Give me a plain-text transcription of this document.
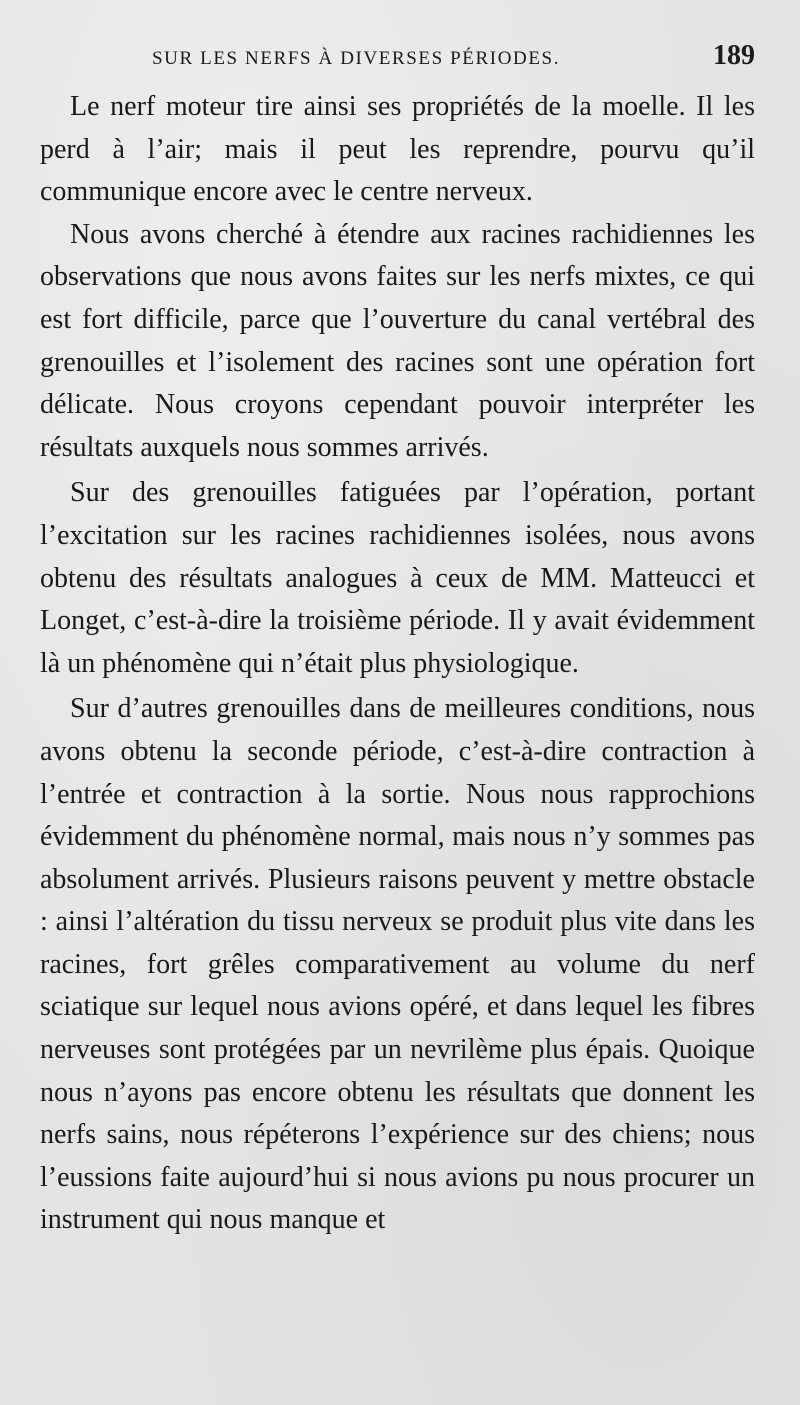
SUR LES NERFS À DIVERSES PÉRIODES.	189

Le nerf moteur tire ainsi ses propriétés de la moelle. Il les perd à l’air; mais il peut les reprendre, pourvu qu’il communique encore avec le centre nerveux.

Nous avons cherché à étendre aux racines rachidiennes les observations que nous avons faites sur les nerfs mixtes, ce qui est fort difficile, parce que l’ouverture du canal vertébral des grenouilles et l’isolement des racines sont une opération fort délicate. Nous croyons cependant pouvoir interpréter les résultats auxquels nous sommes arrivés.

Sur des grenouilles fatiguées par l’opération, portant l’excitation sur les racines rachidiennes isolées, nous avons obtenu des résultats analogues à ceux de MM. Matteucci et Longet, c’est-à-dire la troisième période. Il y avait évidemment là un phénomène qui n’était plus physiologique.

Sur d’autres grenouilles dans de meilleures conditions, nous avons obtenu la seconde période, c’est-à-dire contraction à l’entrée et contraction à la sortie. Nous nous rapprochions évidemment du phénomène normal, mais nous n’y sommes pas absolument arrivés. Plusieurs raisons peuvent y mettre obstacle : ainsi l’altération du tissu nerveux se produit plus vite dans les racines, fort grêles comparativement au volume du nerf sciatique sur lequel nous avions opéré, et dans lequel les fibres nerveuses sont protégées par un nevrilème plus épais. Quoique nous n’ayons pas encore obtenu les résultats que donnent les nerfs sains, nous répéterons l’expérience sur des chiens; nous l’eussions faite aujourd’hui si nous avions pu nous procurer un instrument qui nous manque et
